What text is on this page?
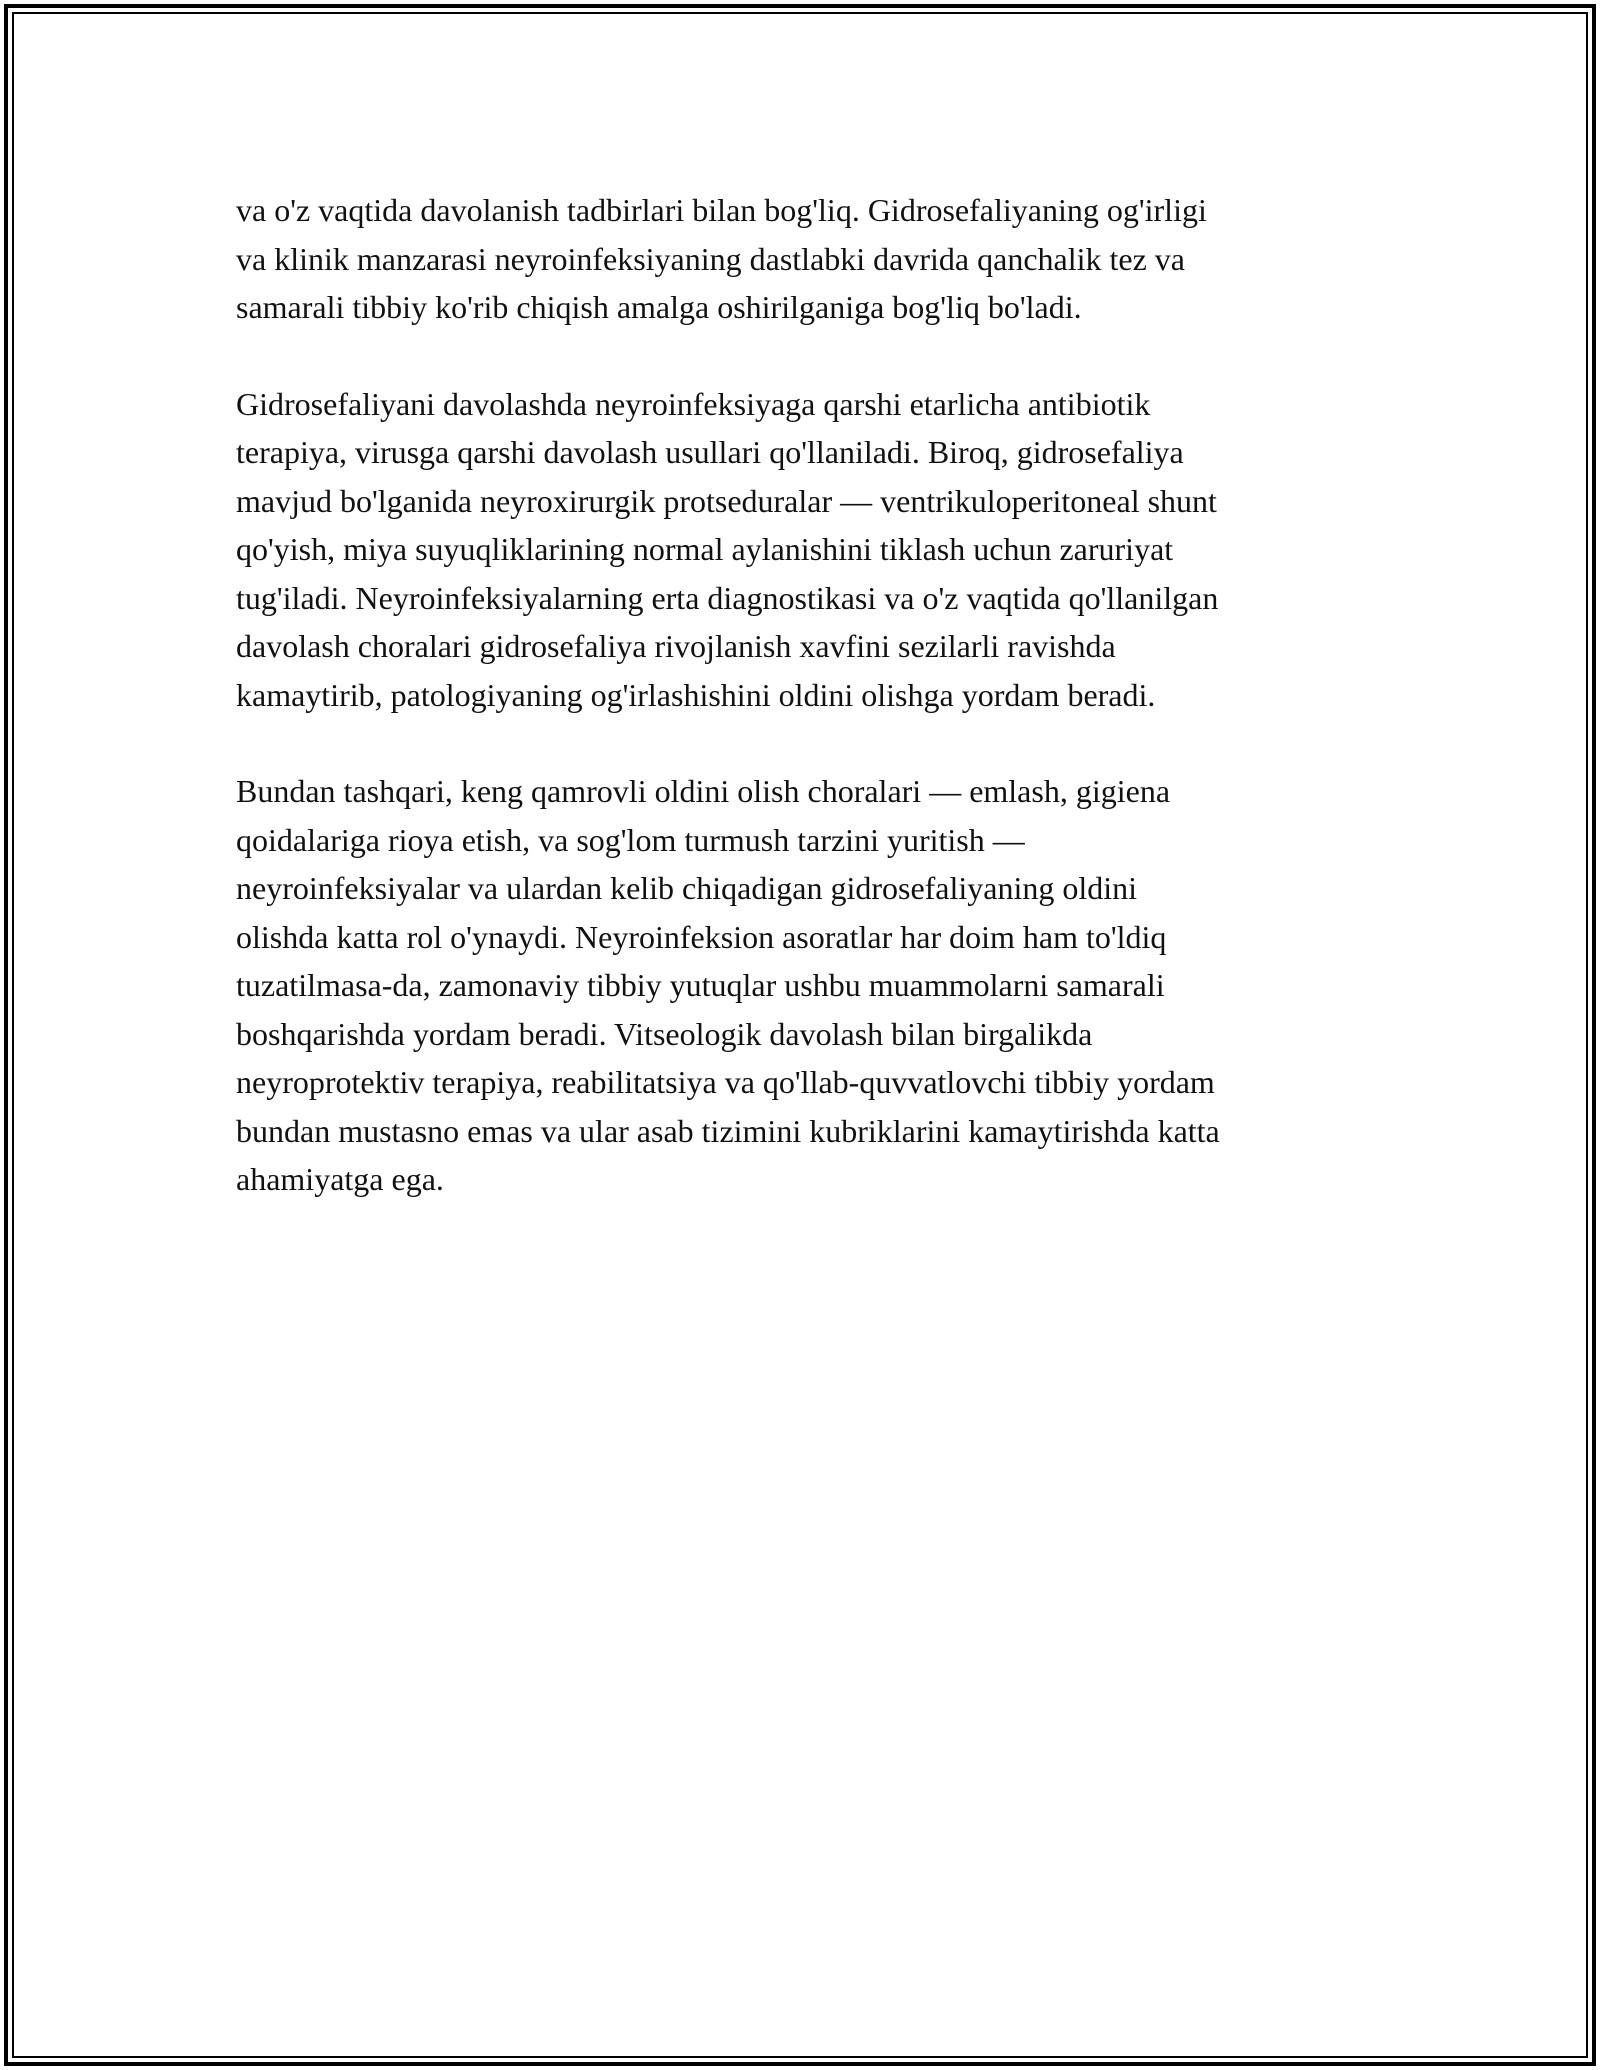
va o'z vaqtida davolanish tadbirlari bilan bog'liq. Gidrosefaliyaning og'irligi
va klinik manzarasi neyroinfeksiyaning dastlabki davrida qanchalik tez va
samarali tibbiy ko'rib chiqish amalga oshirilganiga bog'liq bo'ladi.

Gidrosefaliyani davolashda neyroinfeksiyaga qarshi etarlicha antibiotik
terapiya, virusga qarshi davolash usullari qo'llaniladi. Biroq, gidrosefaliya
mavjud bo'lganida neyroxirurgik protseduralar — ventrikuloperitoneal shunt
qo'yish, miya suyuqliklarining normal aylanishini tiklash uchun zaruriyat
tug'iladi. Neyroinfeksiyalarning erta diagnostikasi va o'z vaqtida qo'llanilgan
davolash choralari gidrosefaliya rivojlanish xavfini sezilarli ravishda
kamaytirib, patologiyaning og'irlashishini oldini olishga yordam beradi.

Bundan tashqari, keng qamrovli oldini olish choralari — emlash, gigiena
qoidalariga rioya etish, va sog'lom turmush tarzini yuritish —
neyroinfeksiyalar va ulardan kelib chiqadigan gidrosefaliyaning oldini
olishda katta rol o'ynaydi. Neyroinfeksion asoratlar har doim ham to'ldiq
tuzatilmasa-da, zamonaviy tibbiy yutuqlar ushbu muammolarni samarali
boshqarishda yordam beradi. Vitseologik davolash bilan birgalikda
neyroprotektiv terapiya, reabilitatsiya va qo'llab-quvvatlovchi tibbiy yordam
bundan mustasno emas va ular asab tizimini kubriklarini kamaytirishda katta
ahamiyatga ega.
